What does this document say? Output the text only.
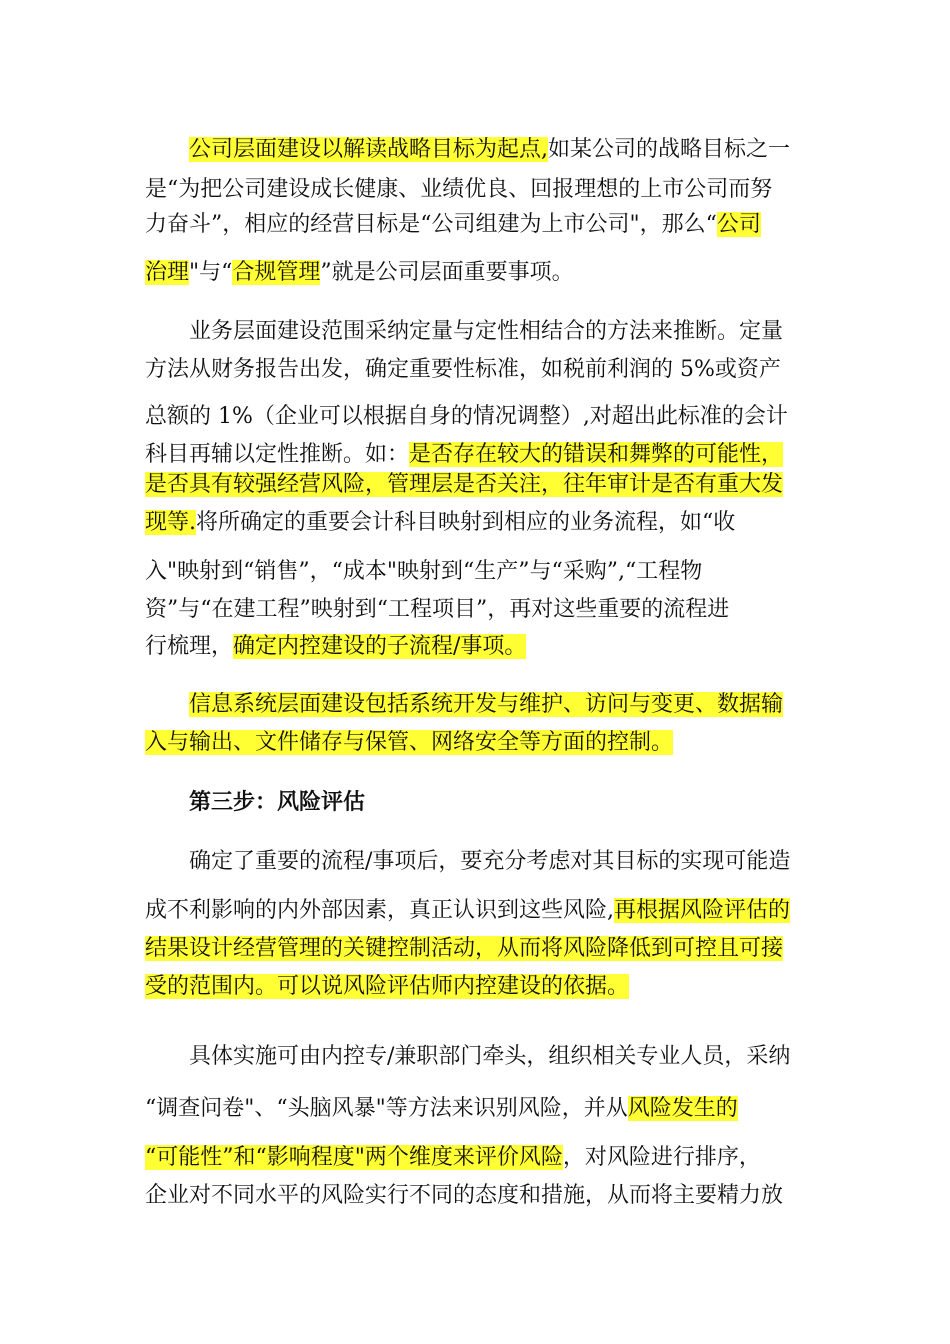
公司层面建设以解读战略目标为起点,如某公司的战略目标之一
是“为把公司建设成长健康、业绩优良、回报理想的上市公司而努
力奋斗”，相应的经营目标是“公司组建为上市公司"，那么“公司
治理"与“合规管理”就是公司层面重要事项。
业务层面建设范围采纳定量与定性相结合的方法来推断。定量
方法从财务报告出发，确定重要性标准，如税前利润的 5%或资产
总额的 1%（企业可以根据自身的情况调整）,对超出此标准的会计
科目再辅以定性推断。如：是否存在较大的错误和舞弊的可能性，
是否具有较强经营风险，管理层是否关注，往年审计是否有重大发
现等.将所确定的重要会计科目映射到相应的业务流程，如“收
入"映射到“销售”，“成本"映射到“生产”与“采购”,“工程物
资”与“在建工程”映射到“工程项目”，再对这些重要的流程进
行梳理，确定内控建设的子流程/事项。
信息系统层面建设包括系统开发与维护、访问与变更、数据输
入与输出、文件储存与保管、网络安全等方面的控制。
第三步：风险评估
确定了重要的流程/事项后，要充分考虑对其目标的实现可能造
成不利影响的内外部因素，真正认识到这些风险,再根据风险评估的
结果设计经营管理的关键控制活动，从而将风险降低到可控且可接
受的范围内。可以说风险评估师内控建设的依据。
具体实施可由内控专/兼职部门牵头，组织相关专业人员，采纳
“调查问卷"、“头脑风暴"等方法来识别风险，并从风险发生的
“可能性”和“影响程度"两个维度来评价风险，对风险进行排序，
企业对不同水平的风险实行不同的态度和措施，从而将主要精力放
